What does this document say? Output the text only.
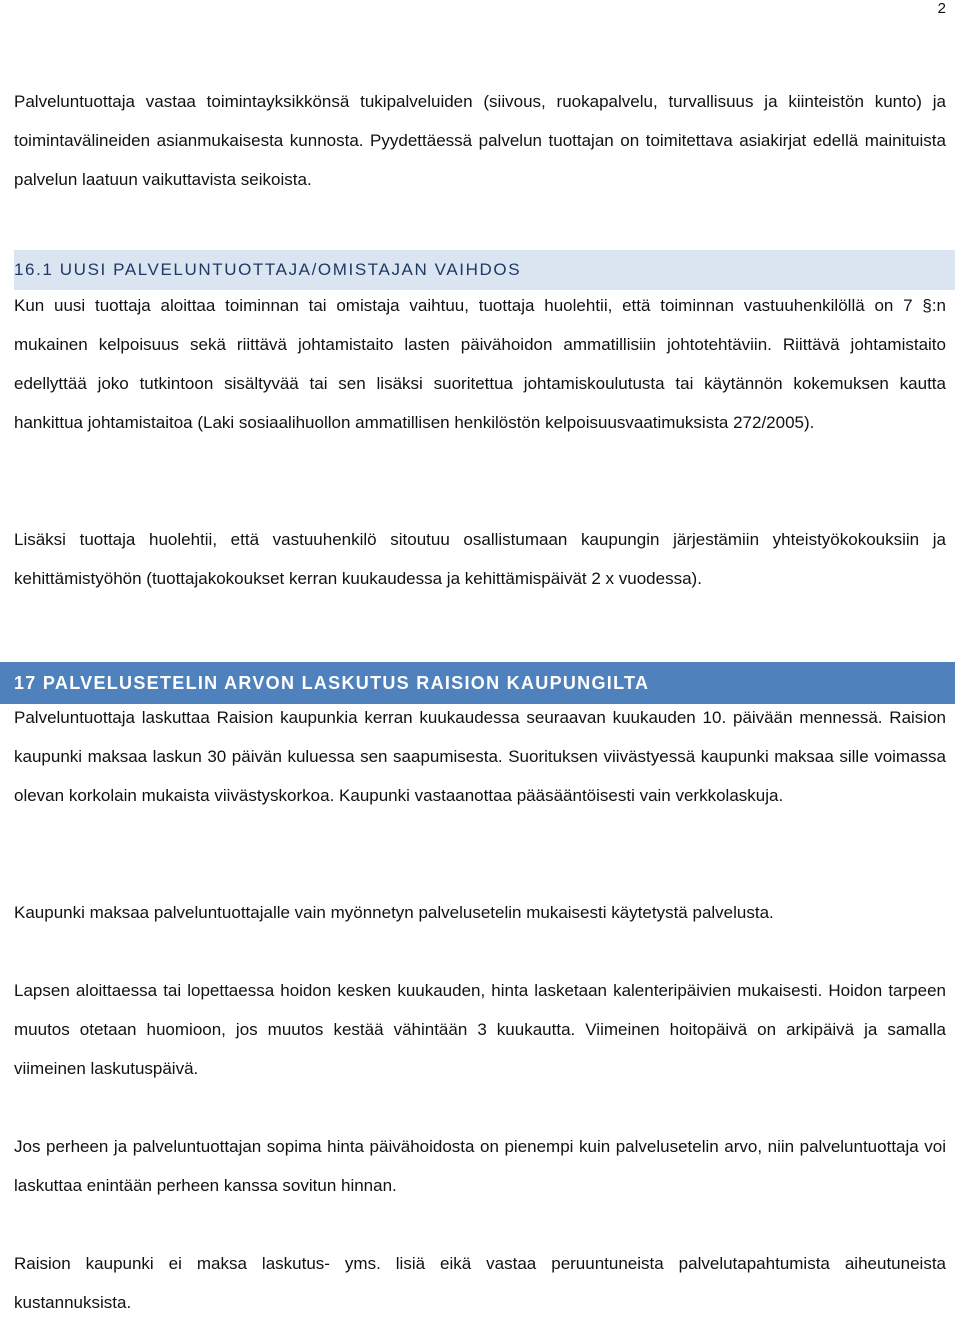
2

Palveluntuottaja vastaa toimintayksikkönsä tukipalveluiden (siivous, ruokapalvelu, turvallisuus ja kiinteistön kunto) ja toimintavälineiden asianmukaisesta kunnosta. Pyydettäessä palvelun tuottajan on toimitettava asiakirjat edellä mainituista palvelun laatuun vaikuttavista seikoista.

16.1 UUSI PALVELUNTUOTTAJA/OMISTAJAN VAIHDOS

Kun uusi tuottaja aloittaa toiminnan tai omistaja vaihtuu, tuottaja huolehtii, että toiminnan vastuuhenkilöllä on 7 §:n mukainen kelpoisuus sekä riittävä johtamistaito lasten päivähoidon ammatillisiin johtotehtäviin. Riittävä johtamistaito edellyttää joko tutkintoon sisältyvää tai sen lisäksi suoritettua johtamiskoulutusta tai käytännön kokemuksen kautta hankittua johtamistaitoa (Laki sosiaalihuollon ammatillisen henkilöstön kelpoisuusvaatimuksista 272/2005).

Lisäksi tuottaja huolehtii, että vastuuhenkilö sitoutuu osallistumaan kaupungin järjestämiin yhteistyökokouksiin ja kehittämistyöhön (tuottajakokoukset kerran kuukaudessa ja kehittämispäivät 2 x vuodessa).

17 PALVELUSETELIN ARVON LASKUTUS RAISION KAUPUNGILTA

Palveluntuottaja laskuttaa Raision kaupunkia kerran kuukaudessa seuraavan kuukauden 10. päivään mennessä. Raision kaupunki maksaa laskun 30 päivän kuluessa sen saapumisesta. Suorituksen viivästyessä kaupunki maksaa sille voimassa olevan korkolain mukaista viivästyskorkoa. Kaupunki vastaanottaa pääsääntöisesti vain verkkolaskuja.

Kaupunki maksaa palveluntuottajalle vain myönnetyn palvelusetelin mukaisesti käytetystä palvelusta.

Lapsen aloittaessa tai lopettaessa hoidon kesken kuukauden, hinta lasketaan kalenteripäivien mukaisesti. Hoidon tarpeen muutos otetaan huomioon, jos muutos kestää vähintään 3 kuukautta. Viimeinen hoitopäivä on arkipäivä ja samalla viimeinen laskutuspäivä.

Jos perheen ja palveluntuottajan sopima hinta päivähoidosta on pienempi kuin palvelusetelin arvo, niin palveluntuottaja voi laskuttaa enintään perheen kanssa sovitun hinnan.

Raision kaupunki ei maksa laskutus- yms. lisiä eikä vastaa peruuntuneista palvelutapahtumista aiheutuneista kustannuksista.
